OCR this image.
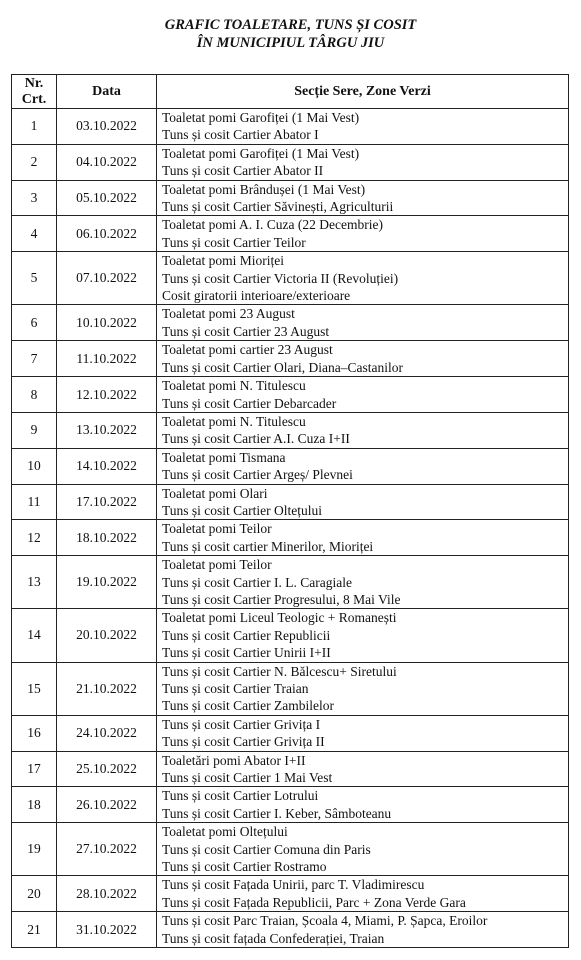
GRAFIC TOALETARE, TUNS ȘI COSIT
ÎN MUNICIPIUL TÂRGU JIU
Nr.
Crt.	Data	Secție Sere, Zone Verzi
1	03.10.2022	Toaletat pomi Garofiței (1 Mai Vest)
Tuns și cosit Cartier Abator I

2	04.10.2022	Toaletat pomi Garofiței (1 Mai Vest)
Tuns și cosit Cartier Abator II

3	05.10.2022	Toaletat pomi Brândușei (1 Mai Vest)
Tuns și cosit Cartier Săvinești, Agriculturii

4	06.10.2022	Toaletat pomi A. I. Cuza (22 Decembrie)
Tuns și cosit Cartier Teilor

5	07.10.2022	Toaletat pomi Mioriței
Tuns și cosit Cartier Victoria II (Revoluției)
Cosit giratorii interioare/exterioare

6	10.10.2022	Toaletat pomi 23 August
Tuns și cosit Cartier 23 August

7	11.10.2022	Toaletat pomi cartier 23 August
Tuns și cosit Cartier Olari, Diana–Castanilor

8	12.10.2022	Toaletat pomi N. Titulescu
Tuns și cosit Cartier Debarcader

9	13.10.2022	Toaletat pomi N. Titulescu
Tuns și cosit Cartier A.I. Cuza I+II

10	14.10.2022	Toaletat pomi Tismana
Tuns și cosit Cartier Argeș/ Plevnei

11	17.10.2022	Toaletat pomi Olari
Tuns și cosit Cartier Oltețului

12	18.10.2022	Toaletat pomi Teilor
Tuns și cosit cartier Minerilor, Mioriței

13	19.10.2022	Toaletat pomi Teilor
Tuns și cosit Cartier I. L. Caragiale
Tuns și cosit Cartier Progresului, 8 Mai Vile

14	20.10.2022	Toaletat pomi Liceul Teologic + Romanești
Tuns și cosit Cartier Republicii
Tuns și cosit Cartier Unirii I+II

15	21.10.2022	Tuns și cosit Cartier N. Bălcescu+ Siretului
Tuns și cosit Cartier Traian
Tuns și cosit Cartier Zambilelor

16	24.10.2022	Tuns și cosit Cartier Grivița I
Tuns și cosit Cartier Grivița II

17	25.10.2022	Toaletări pomi Abator I+II
Tuns și cosit Cartier 1 Mai Vest

18	26.10.2022	Tuns și cosit Cartier Lotrului
Tuns și cosit Cartier I. Keber, Sâmboteanu

19	27.10.2022	Toaletat pomi Oltețului
Tuns și cosit Cartier Comuna din Paris
Tuns și cosit Cartier Rostramo

20	28.10.2022	Tuns și cosit Fațada Unirii, parc T. Vladimirescu
Tuns și cosit Fațada Republicii, Parc + Zona Verde Gara

21	31.10.2022	Tuns și cosit Parc Traian, Școala 4, Miami, P. Șapca, Eroilor
Tuns și cosit fațada Confederației, Traian
